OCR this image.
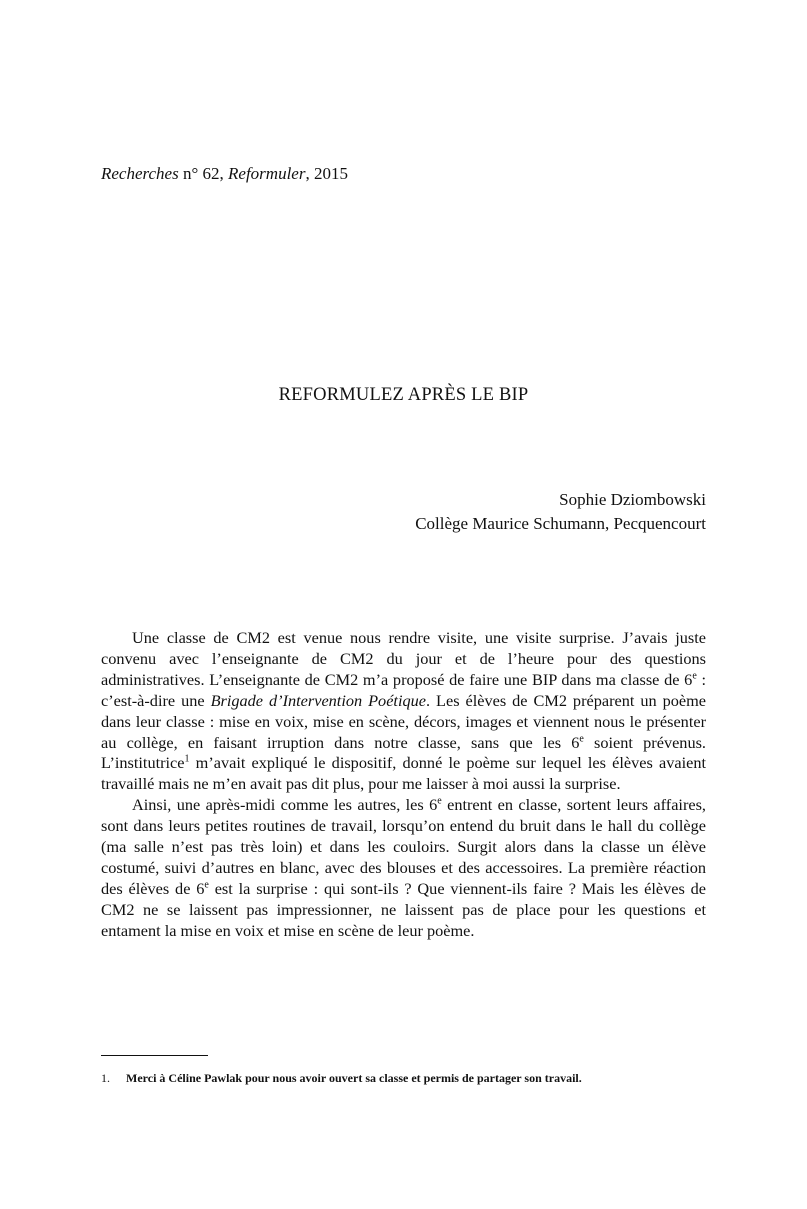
Recherches n° 62, Reformuler, 2015
REFORMULEZ APRÈS LE BIP
Sophie Dziombowski
Collège Maurice Schumann, Pecquencourt

Une classe de CM2 est venue nous rendre visite, une visite surprise. J’avais juste convenu avec l’enseignante de CM2 du jour et de l’heure pour des questions administratives. L’enseignante de CM2 m’a proposé de faire une BIP dans ma classe de 6e : c’est-à-dire une Brigade d’Intervention Poétique. Les élèves de CM2 préparent un poème dans leur classe : mise en voix, mise en scène, décors, images et viennent nous le présenter au collège, en faisant irruption dans notre classe, sans que les 6e soient prévenus. L’institutrice$^1$ m’avait expliqué le dispositif, donné le poème sur lequel les élèves avaient travaillé mais ne m’en avait pas dit plus, pour me laisser à moi aussi la surprise.

Ainsi, une après-midi comme les autres, les 6e entrent en classe, sortent leurs affaires, sont dans leurs petites routines de travail, lorsqu’on entend du bruit dans le hall du collège (ma salle n’est pas très loin) et dans les couloirs. Surgit alors dans la classe un élève costumé, suivi d’autres en blanc, avec des blouses et des accessoires. La première réaction des élèves de 6e est la surprise : qui sont-ils ? Que viennent-ils faire ? Mais les élèves de CM2 ne se laissent pas impressionner, ne laissent pas de place pour les questions et entament la mise en voix et mise en scène de leur poème.

1. Merci à Céline Pawlak pour nous avoir ouvert sa classe et permis de partager son travail.
